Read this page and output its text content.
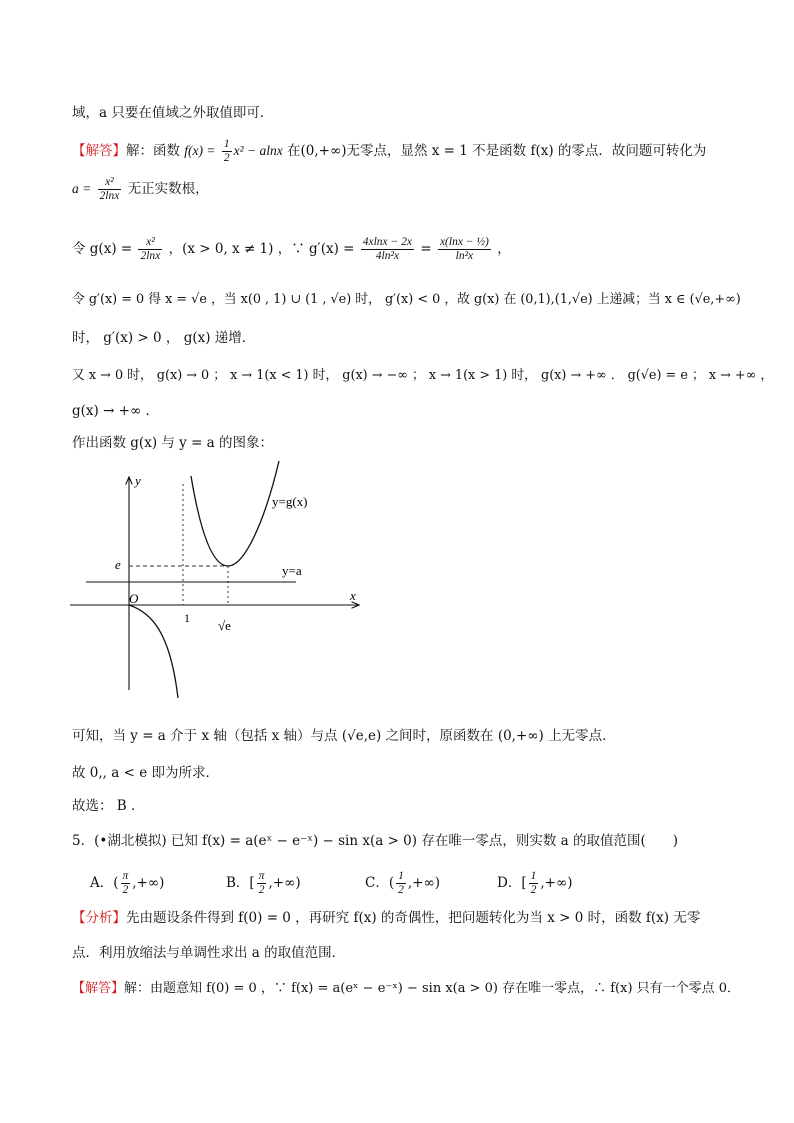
域，a 只要在值域之外取值即可．
【解答】解：函数 $f(x) = \frac{1}{2} x^2 - alnx$ 在(0,+∞)无零点，显然 x = 1 不是函数 f(x) 的零点．故问题可转化为
$a = \frac{\text{x²}}{2\ln x}$ 无正实数根，
令 $g(x) = \frac{\text{x²}}{2\ln x}$ ，(x > 0, x ≠ 1) ，∵ $g'(x) = \frac{4xlnx - 2x}{\text{4ln²x}} = \frac{\text{x(lnx − ½)}}{\text{ln²x}}$ ，
令 g′(x) = 0 得 x = √e ，当 x(0 , 1) ∪ (1 , √e) 时， g′(x) < 0 ，故 g(x) 在 (0,1),(1,√e) 上递减；当 x ∈ (√e,+∞)
时， g′(x) > 0 ， g(x) 递增．
又 x → 0 时， g(x) → 0 ； x → 1(x < 1) 时， g(x) → −∞ ； x → 1(x > 1) 时， g(x) → +∞ ． g(√e) = e ； x → +∞ ，
g(x) → +∞ ．
作出函数 g(x) 与 y = a 的图象：
y
x
O
e
1 √e
y=g(x)
y=a
可知，当 y = a 介于 x 轴（包括 x 轴）与点 (√e,e) 之间时，原函数在 (0,+∞) 上无零点．
故 0,, a < e 即为所求．
故选： B ．
5．(•湖北模拟) 已知 f(x) = a(eˣ − e⁻ˣ) − sin x(a > 0) 存在唯一零点，则实数 a 的取值范围(　　)
A．( $\frac{\pi}{2}$ ,+∞)	B．[ $\frac{\pi}{2}$ ,+∞)	C．( $\frac{1}{2}$ ,+∞)	D．[ $\frac{1}{2}$ ,+∞)
【分析】先由题设条件得到 f(0) = 0 ，再研究 f(x) 的奇偶性，把问题转化为当 x > 0 时，函数 f(x) 无零
点．利用放缩法与单调性求出 a 的取值范围．
【解答】解：由题意知 f(0) = 0 ，∵ f(x) = a(eˣ − e⁻ˣ) − sin x(a > 0) 存在唯一零点，∴ f(x) 只有一个零点 0．
